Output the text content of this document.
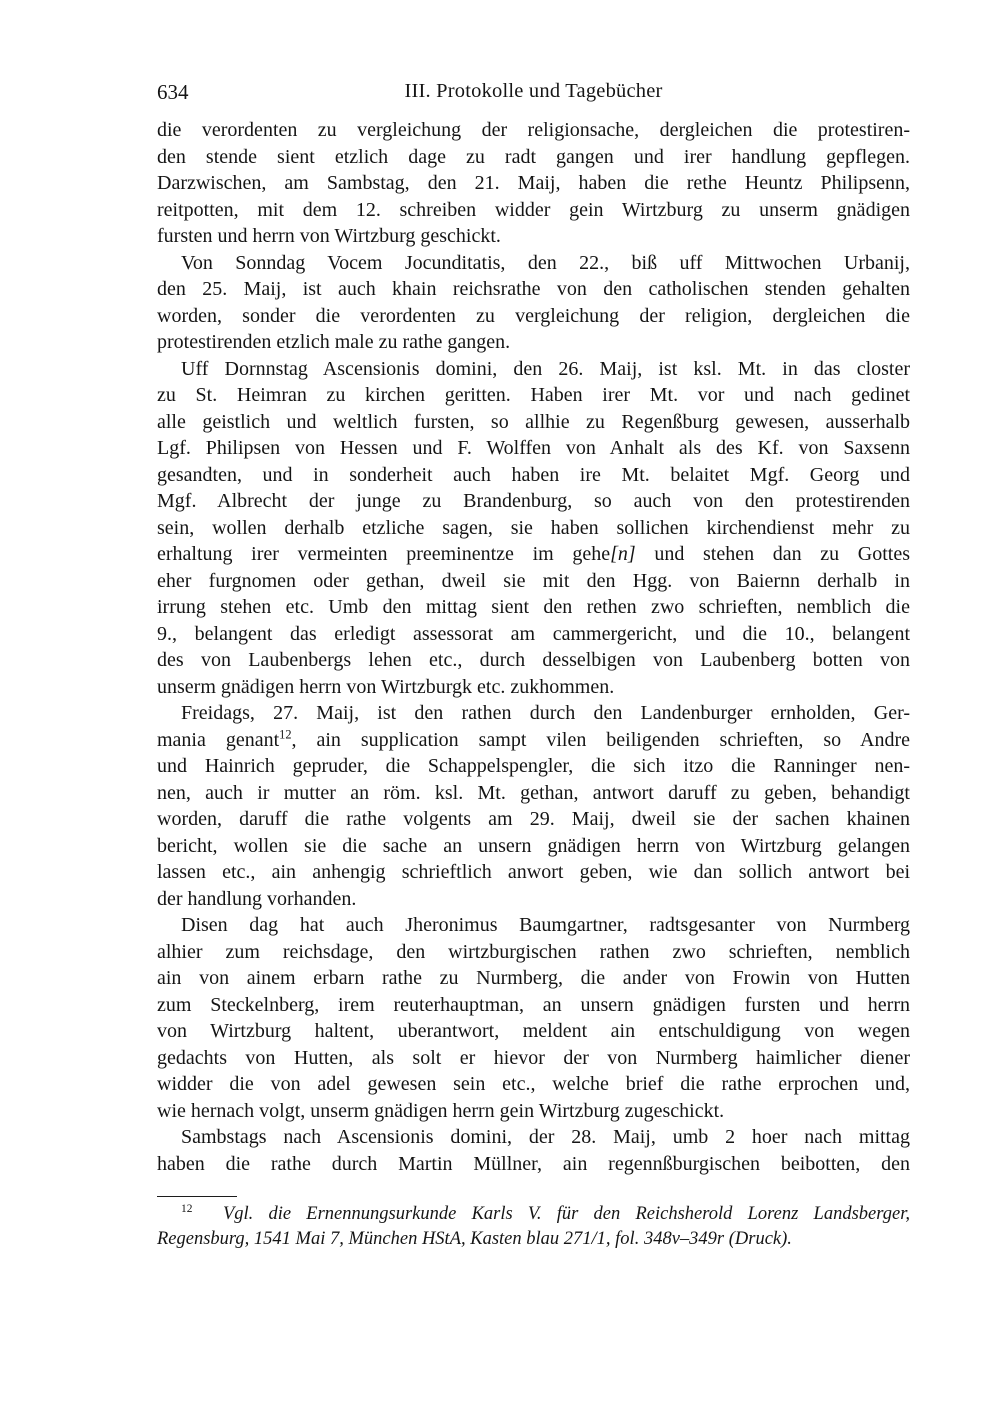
634	III. Protokolle und Tagebücher
die verordenten zu vergleichung der religionsache, dergleichen die protestiren-
den stende sient etzlich dage zu radt gangen und irer handlung gepflegen.
Darzwischen, am Sambstag, den 21. Maij, haben die rethe Heuntz Philipsenn,
reitpotten, mit dem 12. schreiben widder gein Wirtzburg zu unserm gnädigen
fursten und herrn von Wirtzburg geschickt.
Von Sonndag Vocem Jocunditatis, den 22., biß uff Mittwochen Urbanij,
den 25. Maij, ist auch khain reichsrathe von den catholischen stenden gehalten
worden, sonder die verordenten zu vergleichung der religion, dergleichen die
protestirenden etzlich male zu rathe gangen.
Uff Dornnstag Ascensionis domini, den 26. Maij, ist ksl. Mt. in das closter
zu St. Heimran zu kirchen geritten. Haben irer Mt. vor und nach gedinet
alle geistlich und weltlich fursten, so allhie zu Regenßburg gewesen, ausserhalb
Lgf. Philipsen von Hessen und F. Wolffen von Anhalt als des Kf. von Saxsenn
gesandten, und in sonderheit auch haben ire Mt. belaitet Mgf. Georg und
Mgf. Albrecht der junge zu Brandenburg, so auch von den protestirenden
sein, wollen derhalb etzliche sagen, sie haben sollichen kirchendienst mehr zu
erhaltung irer vermeinten preeminentze im gehe[n] und stehen dan zu Gottes
eher furgnomen oder gethan, dweil sie mit den Hgg. von Baiernn derhalb in
irrung stehen etc. Umb den mittag sient den rethen zwo schrieften, nemblich die
9., belangent das erledigt assessorat am cammergericht, und die 10., belangent
des von Laubenbergs lehen etc., durch desselbigen von Laubenberg botten von
unserm gnädigen herrn von Wirtzburgk etc. zukhommen.
Freidags, 27. Maij, ist den rathen durch den Landenburger ernholden, Ger-
mania genant$^{12}$, ain supplication sampt vilen beiligenden schrieften, so Andre
und Hainrich gepruder, die Schappelspengler, die sich itzo die Ranninger nen-
nen, auch ir mutter an röm. ksl. Mt. gethan, antwort daruff zu geben, behandigt
worden, daruff die rathe volgents am 29. Maij, dweil sie der sachen khainen
bericht, wollen sie die sache an unsern gnädigen herrn von Wirtzburg gelangen
lassen etc., ain anhengig schrieftlich anwort geben, wie dan sollich antwort bei
der handlung vorhanden.
Disen dag hat auch Jheronimus Baumgartner, radtsgesanter von Nurmberg
alhier zum reichsdage, den wirtzburgischen rathen zwo schrieften, nemblich
ain von ainem erbarn rathe zu Nurmberg, die ander von Frowin von Hutten
zum Steckelnberg, irem reuterhauptman, an unsern gnädigen fursten und herrn
von Wirtzburg haltent, uberantwort, meldent ain entschuldigung von wegen
gedachts von Hutten, als solt er hievor der von Nurmberg haimlicher diener
widder die von adel gewesen sein etc., welche brief die rathe erprochen und,
wie hernach volgt, unserm gnädigen herrn gein Wirtzburg zugeschickt.
Sambstags nach Ascensionis domini, der 28. Maij, umb 2 hoer nach mittag
haben die rathe durch Martin Müllner, ain regennßburgischen beibotten, den
$^{12}$ Vgl. die Ernennungsurkunde Karls V. für den Reichsherold Lorenz Landsberger,
Regensburg, 1541 Mai 7, München HStA, Kasten blau 271/1, fol. 348v–349r (Druck).
